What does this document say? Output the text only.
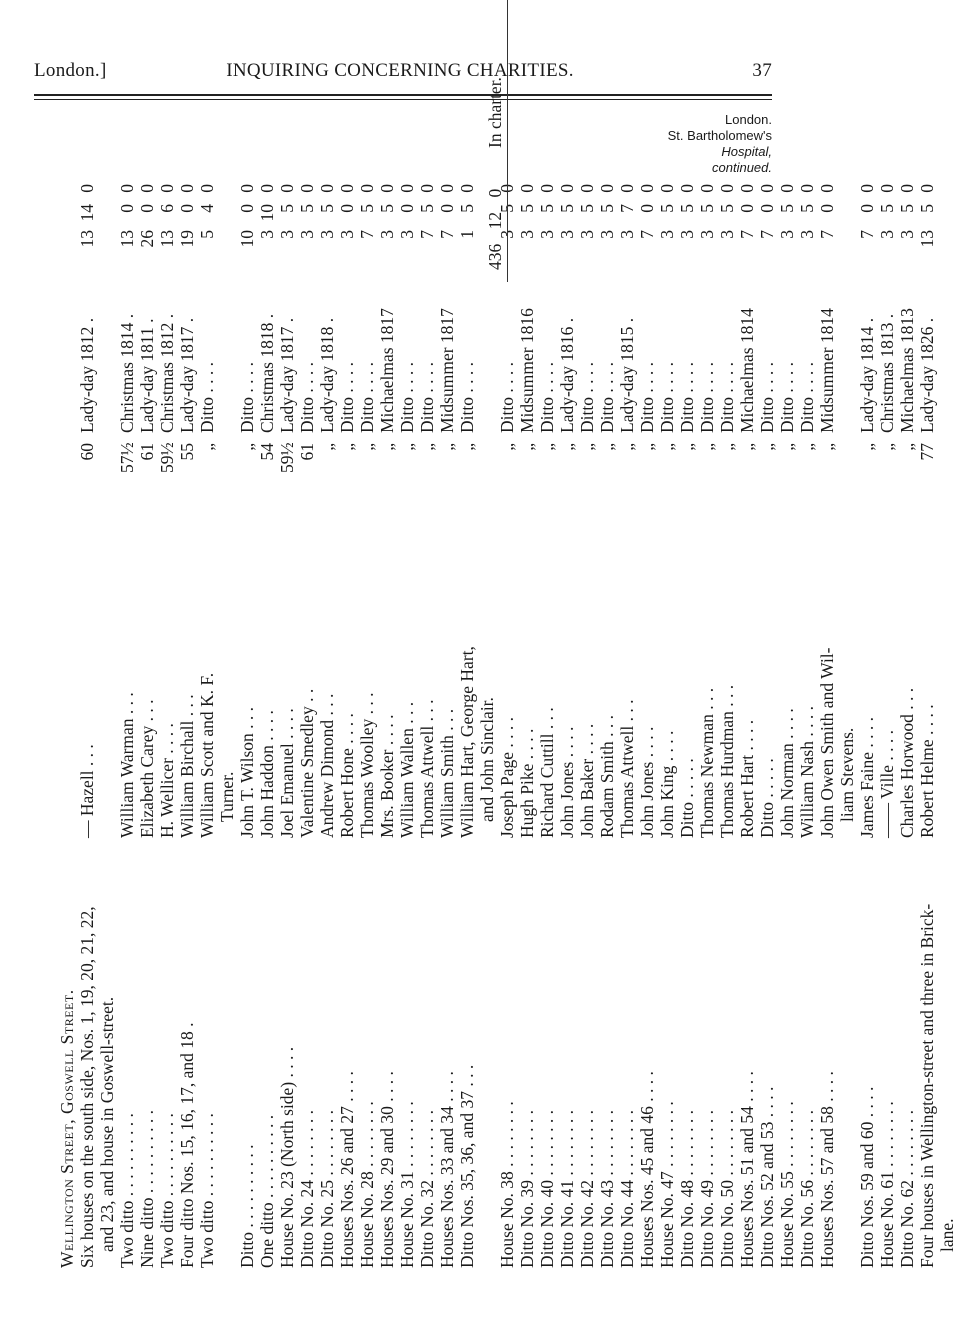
London.]	INQUIRING CONCERNING CHARITIES.	37
London.
St. Bartholomew's
Hospital,
continued.
Wellington Street, Goswell Street. Six houses on the south side, Nos. 1, 19, 20, 21, 22,
— Hazell . . .
60
Lady-day 1812 .
13
14
0
and 23, and house in Goswell-street. Two ditto . . . . . . . . . .
William Warman . . .
57½
Christmas 1814 .
13
0
0
Nine ditto . . . . . . . . . .
Elizabeth Carey . . .
61
Lady-day 1811 .
26
0
0
Two ditto . . . . . . . . . .
H. Wellicer . . . .
59½
Christmas 1812 .
13
6
0
Four ditto Nos. 15, 16, 17, and 18 .
William Birchall . . .
55
Lady-day 1817 .
19
0
0
Two ditto . . . . . . . . . .
William Scott and K. F.
„
Ditto . . . .
5
4
0
Turner.
Ditto . . . . . . . . . .
John T. Wilson . . .
„
Ditto . . . .
10
0
0
One ditto . . . . . . . . . .
John Haddon . . . .
54
Christmas 1818 .
3
10
0
House No. 23 (North side) . . . .
Joel Emanuel . . . .
59½
Lady-day 1817 .
3
5
0
Ditto No. 24 . . . . . . . .
Valentine Smedley . .
61
Ditto . . . .
3
5
0
Ditto No. 25 . . . . . . . .
Andrew Dimond . . .
„
Lady-day 1818 .
3
5
0
Houses Nos. 26 and 27 . . . .
Robert Hone . . . .
„
Ditto . . . .
3
0
0
House No. 28 . . . . . . . .
Thomas Woolley . . .
„
Ditto . . . .
7
5
0
Houses Nos. 29 and 30 . . . .
Mrs. Booker . . . .
„
Michaelmas 1817
3
5
0
House No. 31 . . . . . . . .
William Wallen . . .
„
Ditto . . . .
3
0
0
Ditto No. 32 . . . . . . . .
Thomas Attwell . . .
„
Ditto . . . .
7
5
0
Houses Nos. 33 and 34 . . . .
William Smith . . .
„
Midsummer 1817
7
0
0
Ditto Nos. 35, 36, and 37 . . .
William Hart, George Hart,
„
Ditto . . . .
1
5
0
and John Sinclair.
House No. 38 . . . . . . . .
Joseph Page . . . .
„
Ditto . . . .
3
5
0
Ditto No. 39 . . . . . . . .
Hugh Pike . . . .
„
Midsummer 1816
3
5
0
Ditto No. 40 . . . . . . . .
Richard Cuttill . . .
„
Ditto . . . .
3
5
0
Ditto No. 41 . . . . . . . .
John Jones . . . .
„
Lady-day 1816 .
3
5
0
Ditto No. 42 . . . . . . . .
John Baker . . . .
„
Ditto . . . .
3
5
0
Ditto No. 43 . . . . . . . .
Rodam Smith . . .
„
Ditto . . . .
3
5
0
Ditto No. 44 . . . . . . . .
Thomas Attwell . . .
„
Lady-day 1815 .
3
7
0
Houses Nos. 45 and 46 . . . .
John Jones . . . .
„
Ditto . . . .
7
0
0
House No. 47 . . . . . . . .
John King . . . .
„
Ditto . . . .
3
5
0
Ditto No. 48 . . . . . . . .
Ditto . . . . .
„
Ditto . . . .
3
5
0
Ditto No. 49 . . . . . . . .
Thomas Newman . . .
„
Ditto . . . .
3
5
0
Ditto No. 50 . . . . . . . .
Thomas Hurdman . . .
„
Ditto . . . .
3
5
0
Houses Nos. 51 and 54 . . . .
Robert Hart . . . .
„
Michaelmas 1814
7
0
0
Ditto Nos. 52 and 53 . . . .
Ditto . . . . .
„
Ditto . . . .
7
0
0
House No. 55 . . . . . . . .
John Norman . . . .
„
Ditto . . . .
3
5
0
Ditto No. 56 . . . . . . . .
William Nash . . . .
„
Ditto . . . .
3
5
0
Houses Nos. 57 and 58 . . . .
John Owen Smith and Wil-
„
Midsummer 1814
7
0
0
liam Stevens.
Ditto Nos. 59 and 60 . . . .
James Faine . . . .
„
Lady-day 1814 .
7
0
0
House No. 61 . . . . . . . .
—— Ville . . . .
„
Christmas 1813 .
3
5
0
Ditto No. 62 . . . . . . . .
Charles Horwood . . .
„
Michaelmas 1813
3
5
0
Four houses in Wellington-street and three in Brick-
Robert Helme . . . .
77
Lady-day 1826 .
13
5
0
lane.
436 12 0
In charter.
